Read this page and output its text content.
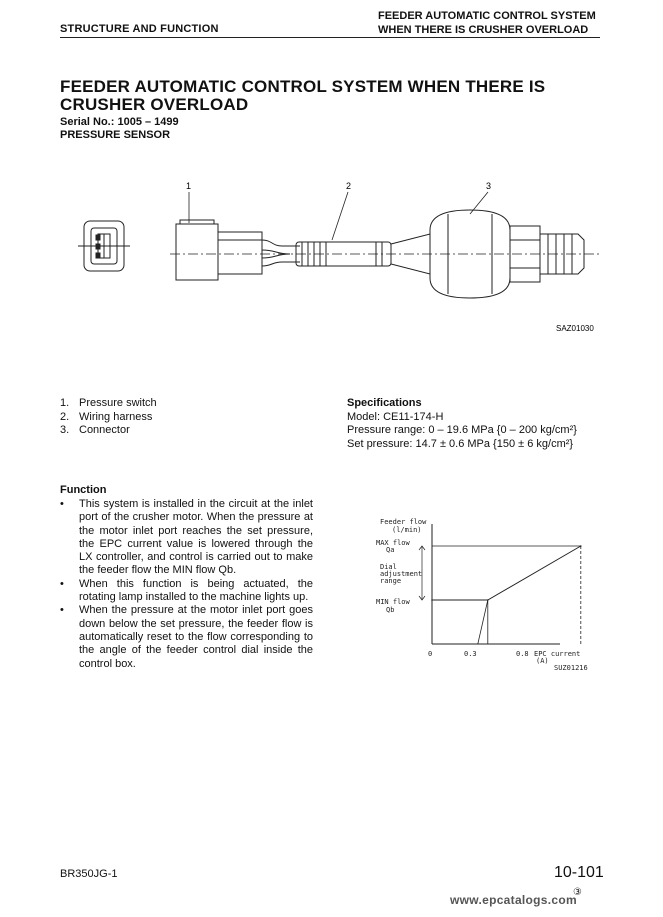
STRUCTURE AND FUNCTION
FEEDER AUTOMATIC CONTROL SYSTEM
WHEN THERE IS CRUSHER OVERLOAD
FEEDER AUTOMATIC CONTROL SYSTEM WHEN THERE IS
CRUSHER OVERLOAD
Serial No.: 1005 – 1499
PRESSURE SENSOR
1	2	3
SAZ01030
1. Pressure switch
2. Wiring harness
3. Connector
Specifications
Model: CE11-174-H
Pressure range: 0 – 19.6 MPa {0 – 200 kg/cm²}
Set pressure: 14.7 ± 0.6 MPa {150 ± 6 kg/cm²}
Function
•	This system is installed in the circuit at the inlet port of the crusher motor. When the pressure at the motor inlet port reaches the set pressure, the EPC current value is lowered through the LX controller, and control is carried out to make the feeder flow the MIN flow Qb.
•	When this function is being actuated, the rotating lamp installed to the machine lights up.
•	When the pressure at the motor inlet port goes down below the set pressure, the feeder flow is automatically reset to the flow corresponding to the angle of the feeder control dial inside the control box.
Feeder flow
(l/min)
MAX flow
Qa
Dial
adjustment
range
MIN flow
Qb
0	0.3	0.8 EPC current
(A)
SUZ01216
BR350JG-1	10-101
③
www.epcatalogs.com
